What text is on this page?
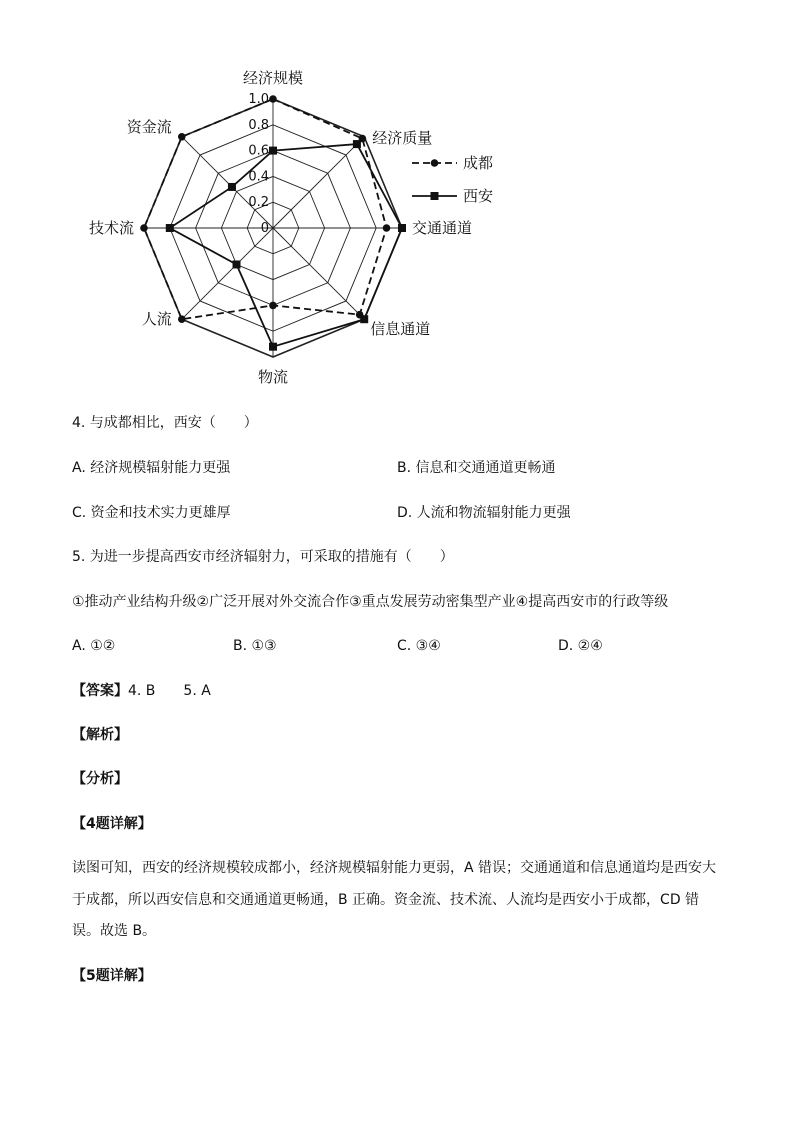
0
0.2
0.4
0.6
0.8
1.0
经济规模
经济质量
交通通道
信息通道
物流
人流
技术流
资金流
成都
西安
4. 与成都相比，西安（　　）
A. 经济规模辐射能力更强	B. 信息和交通通道更畅通
C. 资金和技术实力更雄厚	D. 人流和物流辐射能力更强
5. 为进一步提高西安市经济辐射力，可采取的措施有（　　）
①推动产业结构升级②广泛开展对外交流合作③重点发展劳动密集型产业④提高西安市的行政等级
A. ①②	B. ①③	C. ③④	D. ②④
【答案】4. B　　5. A
【解析】
【分析】
【4题详解】
读图可知，西安的经济规模较成都小，经济规模辐射能力更弱，A 错误；交通通道和信息通道均是西安大
于成都，所以西安信息和交通通道更畅通，B 正确。资金流、技术流、人流均是西安小于成都，CD 错
误。故选 B。
【5题详解】
